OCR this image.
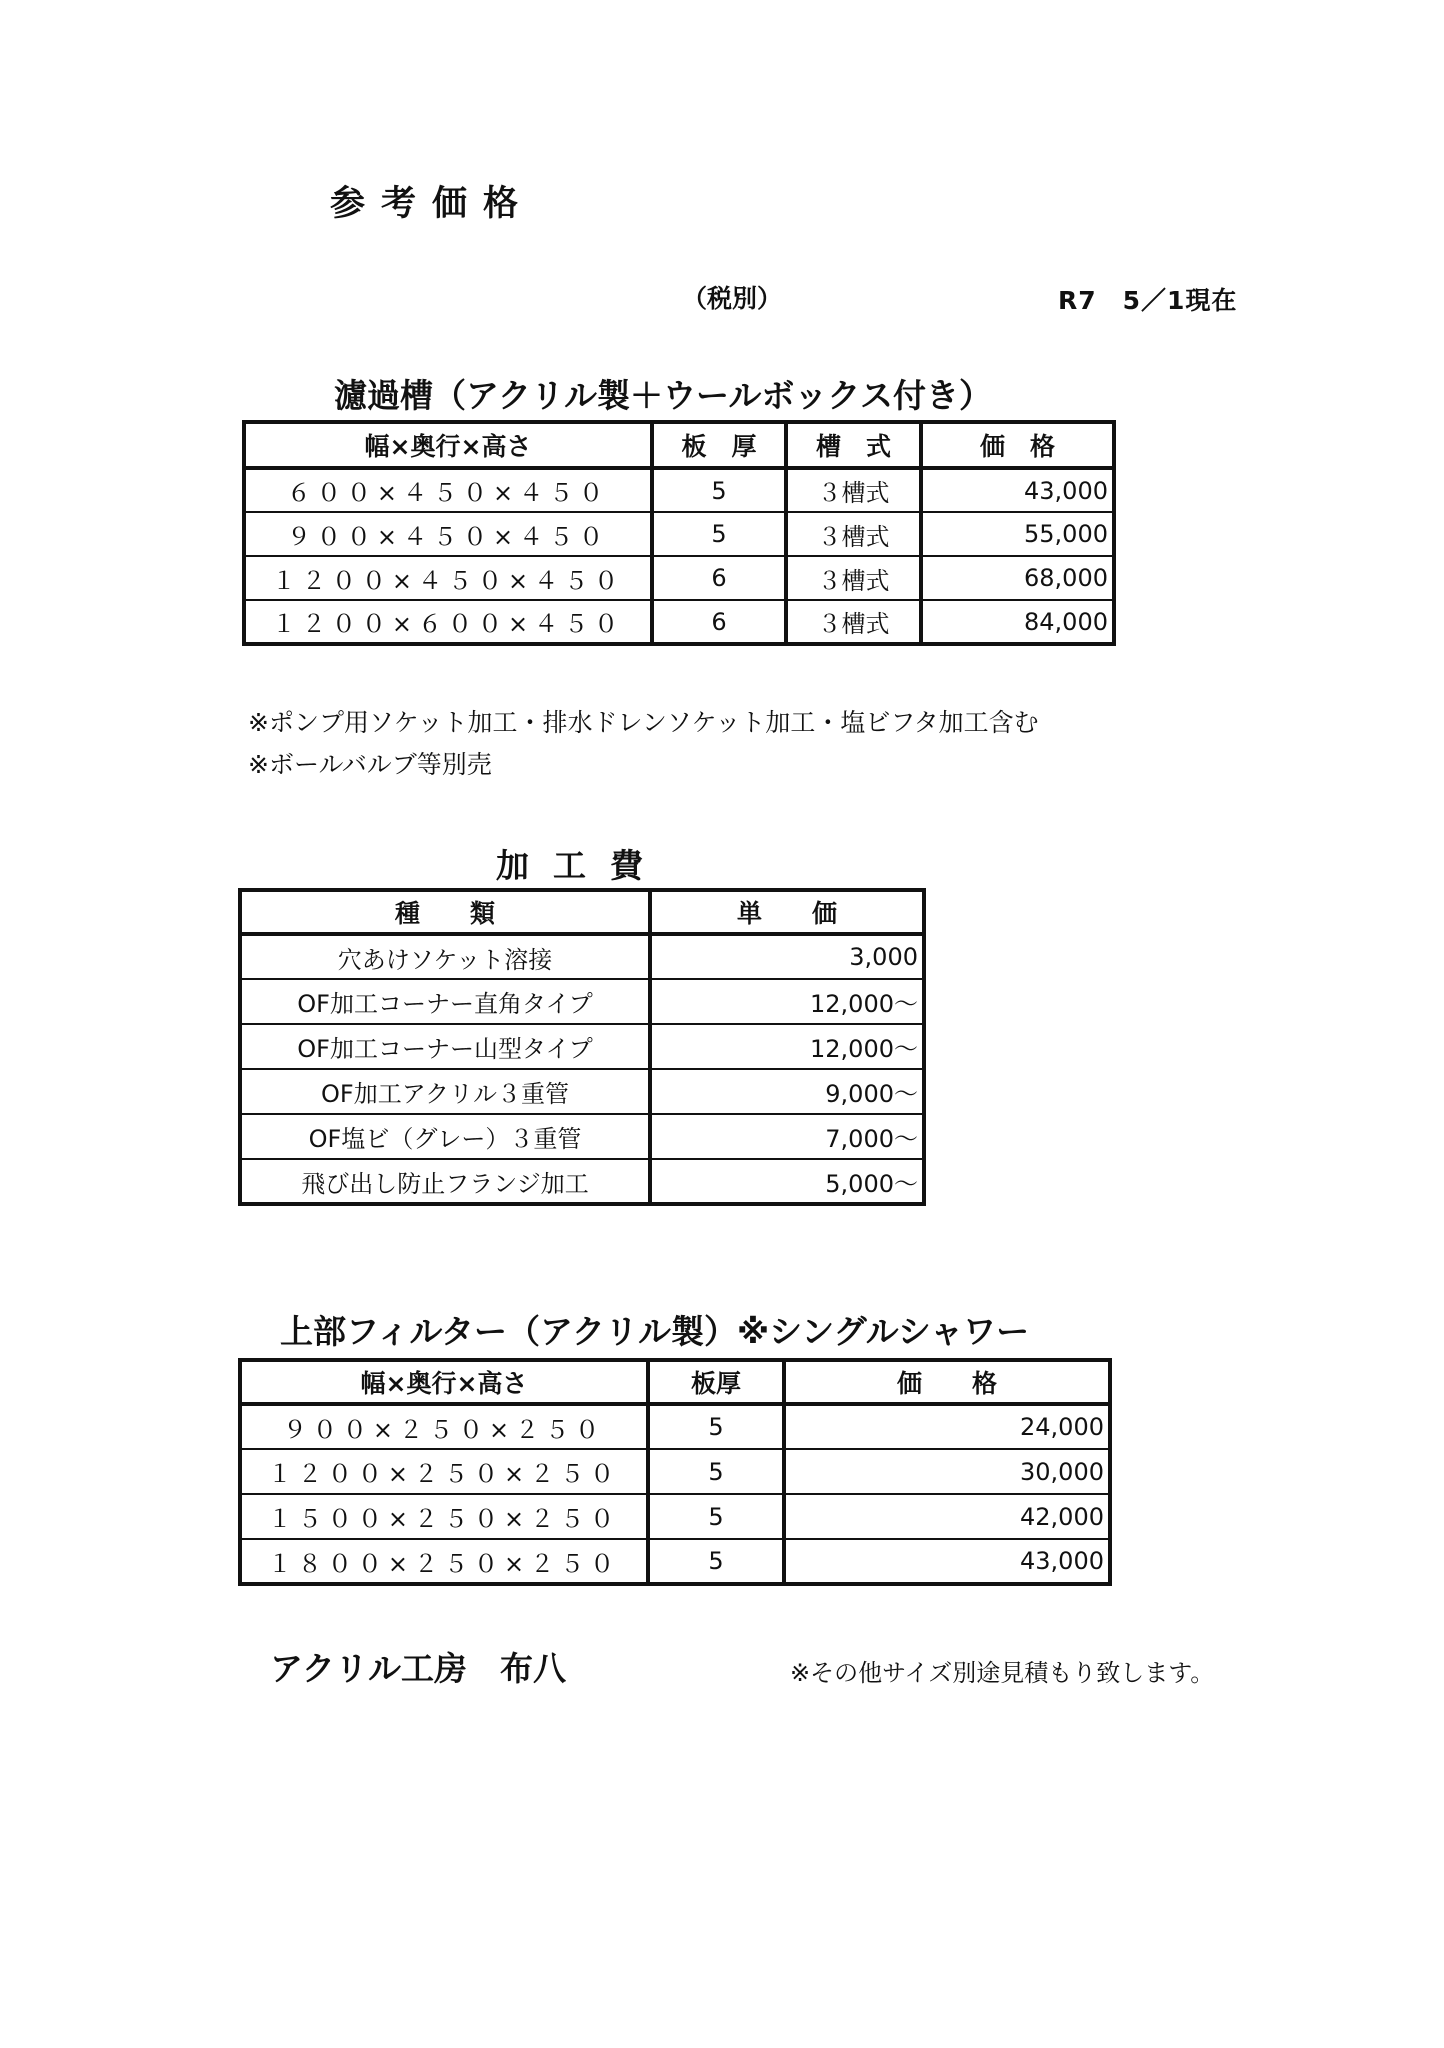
参考価格
（税別）	R7　5／1現在
濾過槽（アクリル製＋ウールボックス付き）
幅×奥行×高さ	板　厚	槽　式	価　格
６００×４５０×４５０	5	３槽式	43,000
９００×４５０×４５０	5	３槽式	55,000
１２００×４５０×４５０	6	３槽式	68,000
１２００×６００×４５０	6	３槽式	84,000
※ポンプ用ソケット加工・排水ドレンソケット加工・塩ビフタ加工含む
※ボールバルブ等別売
加工費
種　　類	単　　価
穴あけソケット溶接	3,000
OF加工コーナー直角タイプ	12,000～
OF加工コーナー山型タイプ	12,000～
OF加工アクリル３重管	9,000～
OF塩ビ（グレー）３重管	7,000～
飛び出し防止フランジ加工	5,000～
上部フィルター（アクリル製）※シングルシャワー
幅×奥行×高さ	板厚	価　　格
９００×２５０×２５０	5	24,000
１２００×２５０×２５０	5	30,000
１５００×２５０×２５０	5	42,000
１８００×２５０×２５０	5	43,000
アクリル工房　布八	※その他サイズ別途見積もり致します。
